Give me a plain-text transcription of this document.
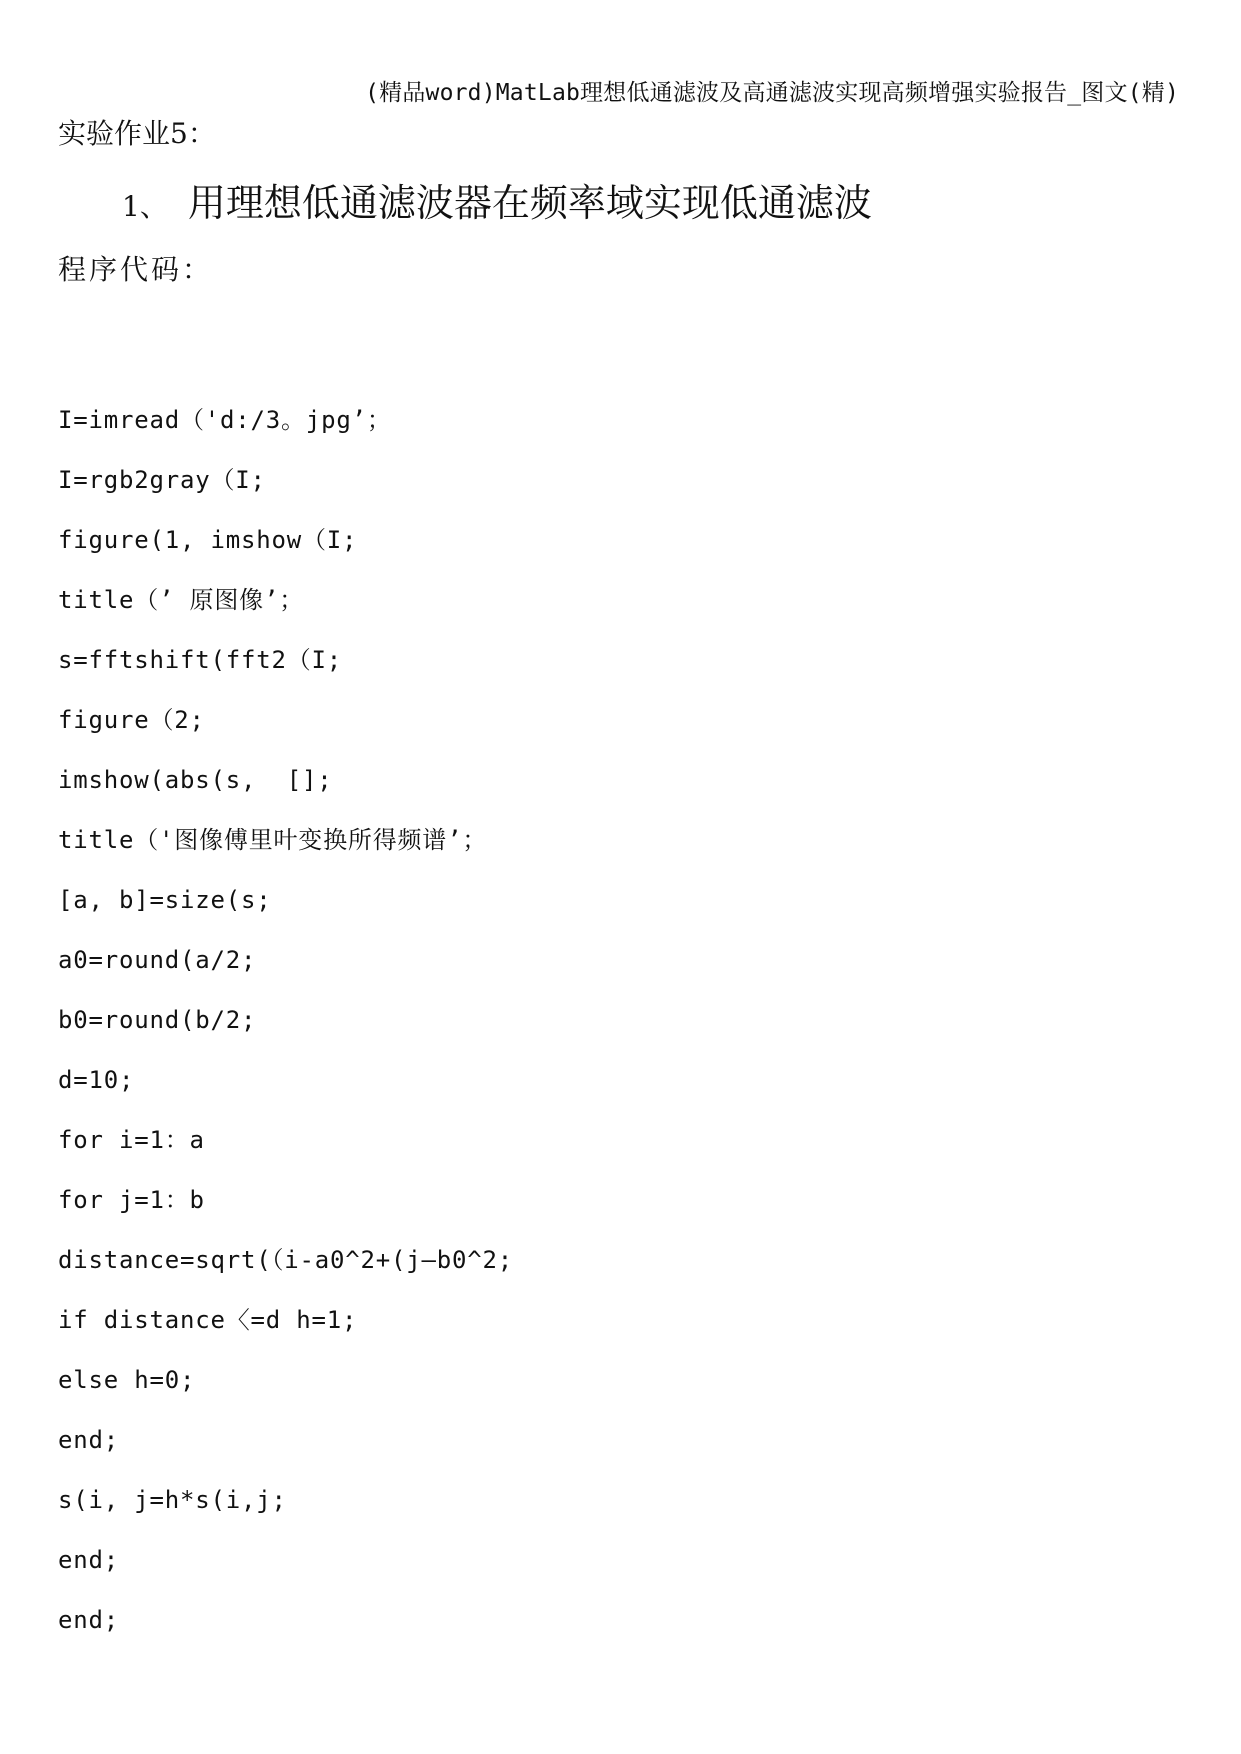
(精品word)MatLab理想低通滤波及高通滤波实现高频增强实验报告_图文(精)
实验作业5：
1、 用理想低通滤波器在频率域实现低通滤波
程序代码：
I=imread（'d:/3。jpg’；
I=rgb2gray（I;
figure(1, imshow（I;
title（’ 原图像’；
s=fftshift(fft2（I;
figure（2;
imshow(abs(s,  [];
title（'图像傅里叶变换所得频谱’；
[a, b]=size(s;
a0=round(a/2;
b0=round(b/2;
d=10;
for i=1：a
for j=1：b
distance=sqrt(（i-a0^2+(j—b0^2;
if distance〈=d h=1;
else h=0;
end;
s(i, j=h*s(i,j;
end;
end;
